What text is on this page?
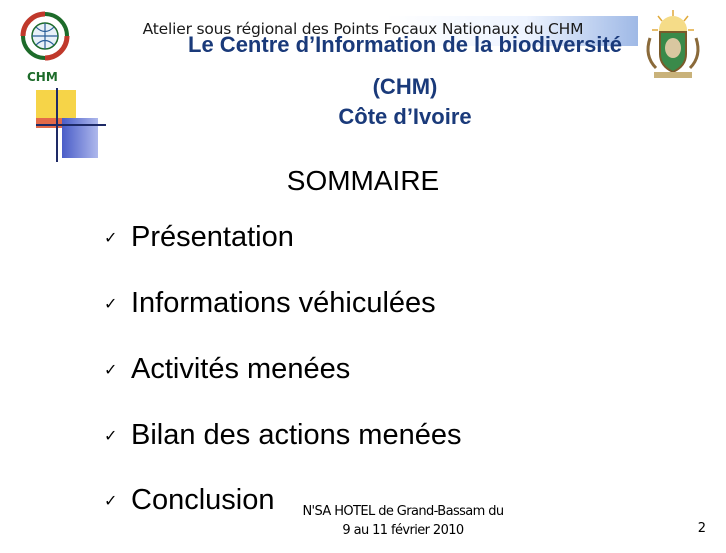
Atelier sous régional des Points Focaux Nationaux du CHM
CHM
Le Centre d’Information de la biodiversité
(CHM)
Côte d’Ivoire
SOMMAIRE
✓ Présentation
✓ Informations véhiculées
✓ Activités menées
✓ Bilan des actions menées
✓ Conclusion	N'SA HOTEL de Grand-Bassam du
9 au 11 février 2010	2
